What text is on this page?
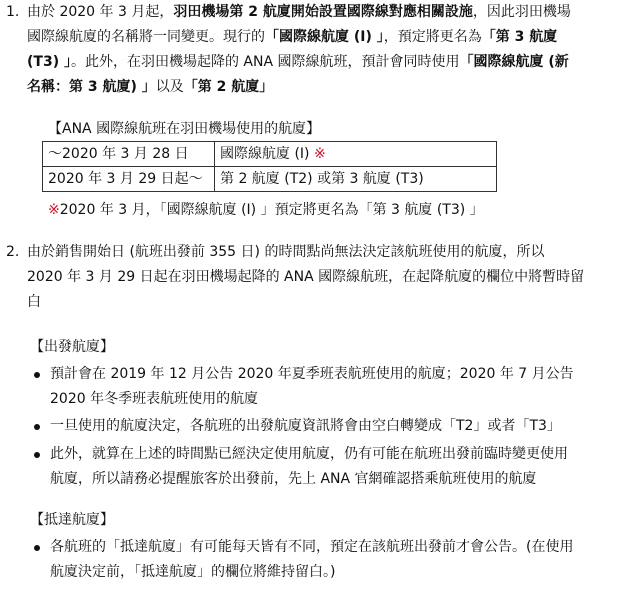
1. 由於 2020 年 3 月起，羽田機場第 2 航廈開始設置國際線對應相關設施，因此羽田機場
國際線航廈的名稱將一同變更。現行的「國際線航廈 (I) 」，預定將更名為「第 3 航廈
(T3) 」。此外，在羽田機場起降的 ANA 國際線航班，預計會同時使用「國際線航廈 (新
名稱：第 3 航廈) 」以及「第 2 航廈」
【ANA 國際線航班在羽田機場使用的航廈】
～2020 年 3 月 28 日	國際線航廈 (I) ※
2020 年 3 月 29 日起～	第 2 航廈 (T2) 或第 3 航廈 (T3)
※2020 年 3 月，「國際線航廈 (I) 」預定將更名為「第 3 航廈 (T3) 」
2. 由於銷售開始日 (航班出發前 355 日) 的時間點尚無法決定該航班使用的航廈，所以
2020 年 3 月 29 日起在羽田機場起降的 ANA 國際線航班，在起降航廈的欄位中將暫時留
白
【出發航廈】
預計會在 2019 年 12 月公告 2020 年夏季班表航班使用的航廈；2020 年 7 月公告
2020 年冬季班表航班使用的航廈
一旦使用的航廈決定，各航班的出發航廈資訊將會由空白轉變成「T2」或者「T3」
此外，就算在上述的時間點已經決定使用航廈，仍有可能在航班出發前臨時變更使用
航廈，所以請務必提醒旅客於出發前，先上 ANA 官網確認搭乘航班使用的航廈
【抵達航廈】
各航班的「抵達航廈」有可能每天皆有不同，預定在該航班出發前才會公告。(在使用
航廈決定前，「抵達航廈」的欄位將維持留白。)
